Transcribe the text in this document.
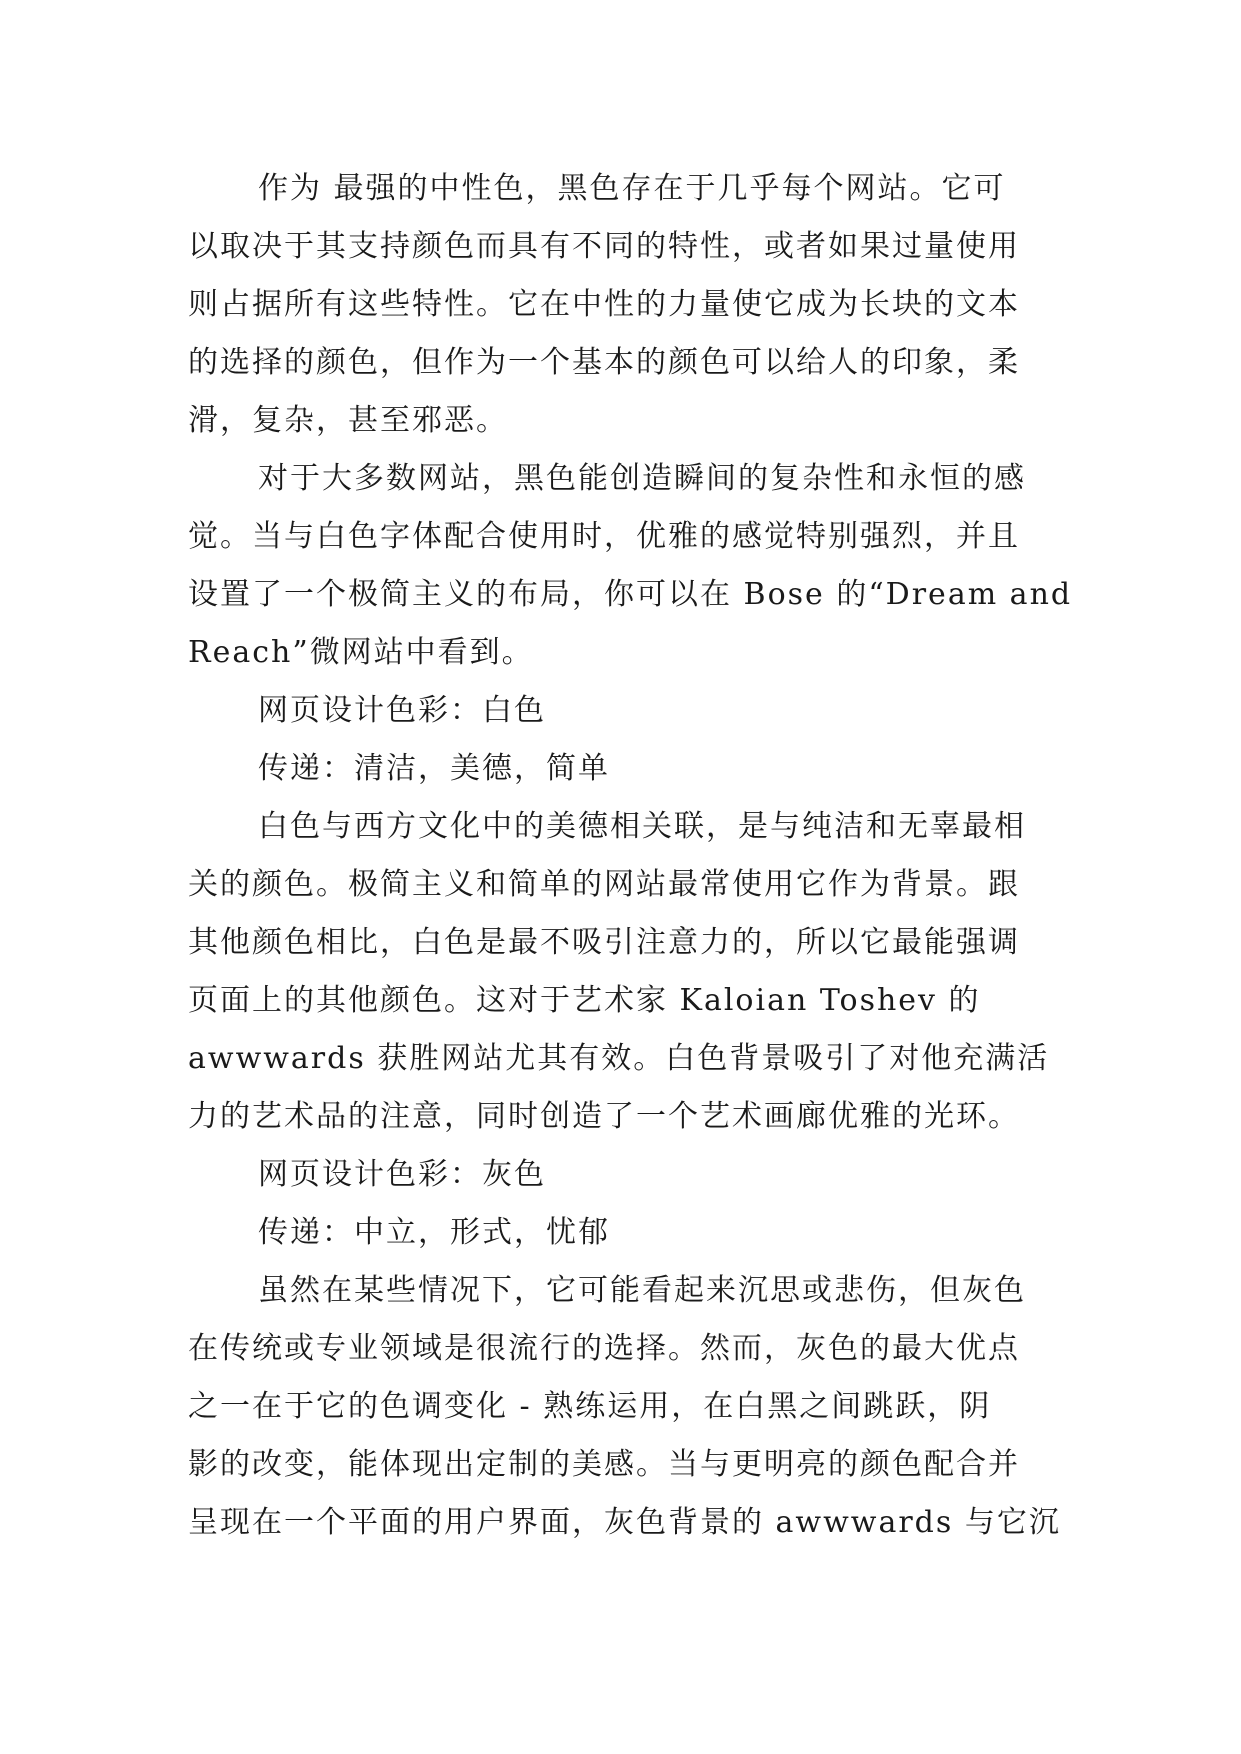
作为 最强的中性色，黑色存在于几乎每个网站。它可
以取决于其支持颜色而具有不同的特性，或者如果过量使用
则占据所有这些特性。它在中性的力量使它成为长块的文本
的选择的颜色，但作为一个基本的颜色可以给人的印象，柔
滑，复杂，甚至邪恶。
对于大多数网站，黑色能创造瞬间的复杂性和永恒的感
觉。当与白色字体配合使用时，优雅的感觉特别强烈，并且
设置了一个极简主义的布局，你可以在 Bose 的“Dream and
Reach”微网站中看到。
网页设计色彩：白色
传递：清洁，美德，简单
白色与西方文化中的美德相关联，是与纯洁和无辜最相
关的颜色。极简主义和简单的网站最常使用它作为背景。跟
其他颜色相比，白色是最不吸引注意力的，所以它最能强调
页面上的其他颜色。这对于艺术家 Kaloian Toshev 的
awwwards 获胜网站尤其有效。白色背景吸引了对他充满活
力的艺术品的注意，同时创造了一个艺术画廊优雅的光环。
网页设计色彩：灰色
传递：中立，形式，忧郁
虽然在某些情况下，它可能看起来沉思或悲伤，但灰色
在传统或专业领域是很流行的选择。然而，灰色的最大优点
之一在于它的色调变化 - 熟练运用，在白黑之间跳跃，阴
影的改变，能体现出定制的美感。当与更明亮的颜色配合并
呈现在一个平面的用户界面，灰色背景的 awwwards 与它沉
